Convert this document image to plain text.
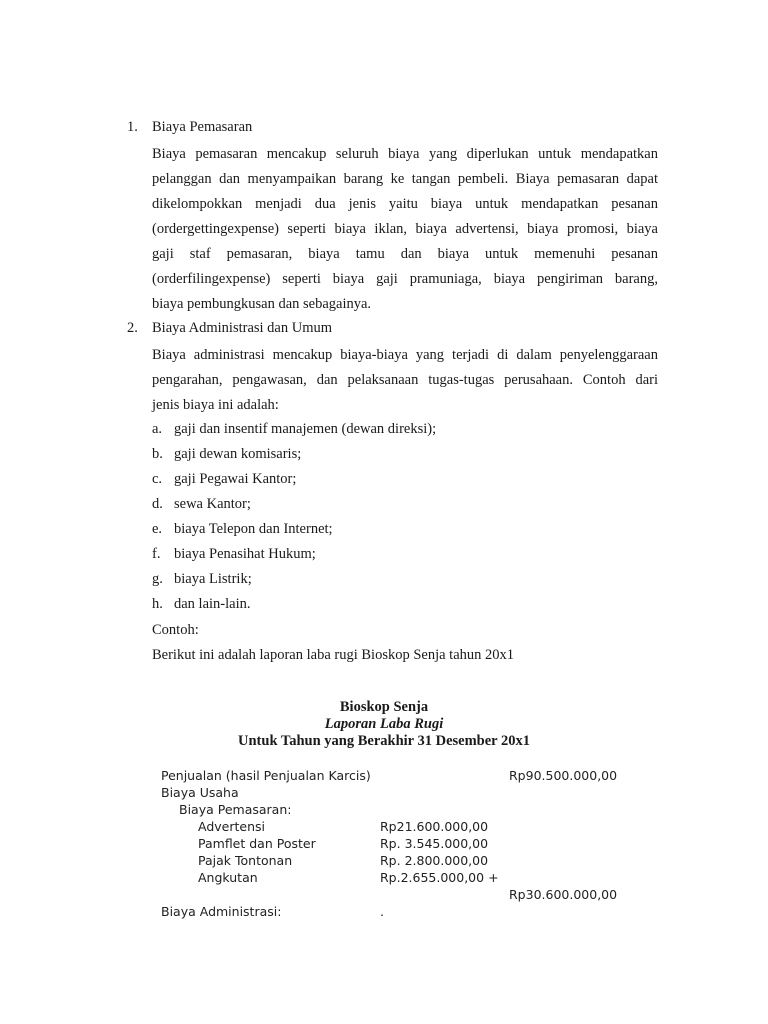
1. Biaya Pemasaran
Biaya pemasaran mencakup seluruh biaya yang diperlukan untuk mendapatkan
pelanggan dan menyampaikan barang ke tangan pembeli. Biaya pemasaran dapat
dikelompokkan menjadi dua jenis yaitu biaya untuk mendapatkan pesanan
(ordergettingexpense) seperti biaya iklan, biaya advertensi, biaya promosi, biaya
gaji staf pemasaran, biaya tamu dan biaya untuk memenuhi pesanan
(orderfilingexpense) seperti biaya gaji pramuniaga, biaya pengiriman barang,
biaya pembungkusan dan sebagainya.
2. Biaya Administrasi dan Umum
Biaya administrasi mencakup biaya-biaya yang terjadi di dalam penyelenggaraan
pengarahan, pengawasan, dan pelaksanaan tugas-tugas perusahaan. Contoh dari
jenis biaya ini adalah:
a. gaji dan insentif manajemen (dewan direksi);
b. gaji dewan komisaris;
c. gaji Pegawai Kantor;
d. sewa Kantor;
e. biaya Telepon dan Internet;
f. biaya Penasihat Hukum;
g. biaya Listrik;
h. dan lain-lain.
Contoh:
Berikut ini adalah laporan laba rugi Bioskop Senja tahun 20x1
Bioskop Senja
Laporan Laba Rugi
Untuk Tahun yang Berakhir 31 Desember 20x1
Penjualan (hasil Penjualan Karcis)	Rp90.500.000,00
Biaya Usaha
Biaya Pemasaran:
Advertensi	Rp21.600.000,00
Pamflet dan Poster	Rp. 3.545.000,00
Pajak Tontonan	Rp. 2.800.000,00
Angkutan	Rp.2.655.000,00 +
Rp30.600.000,00
Biaya Administrasi:	.
